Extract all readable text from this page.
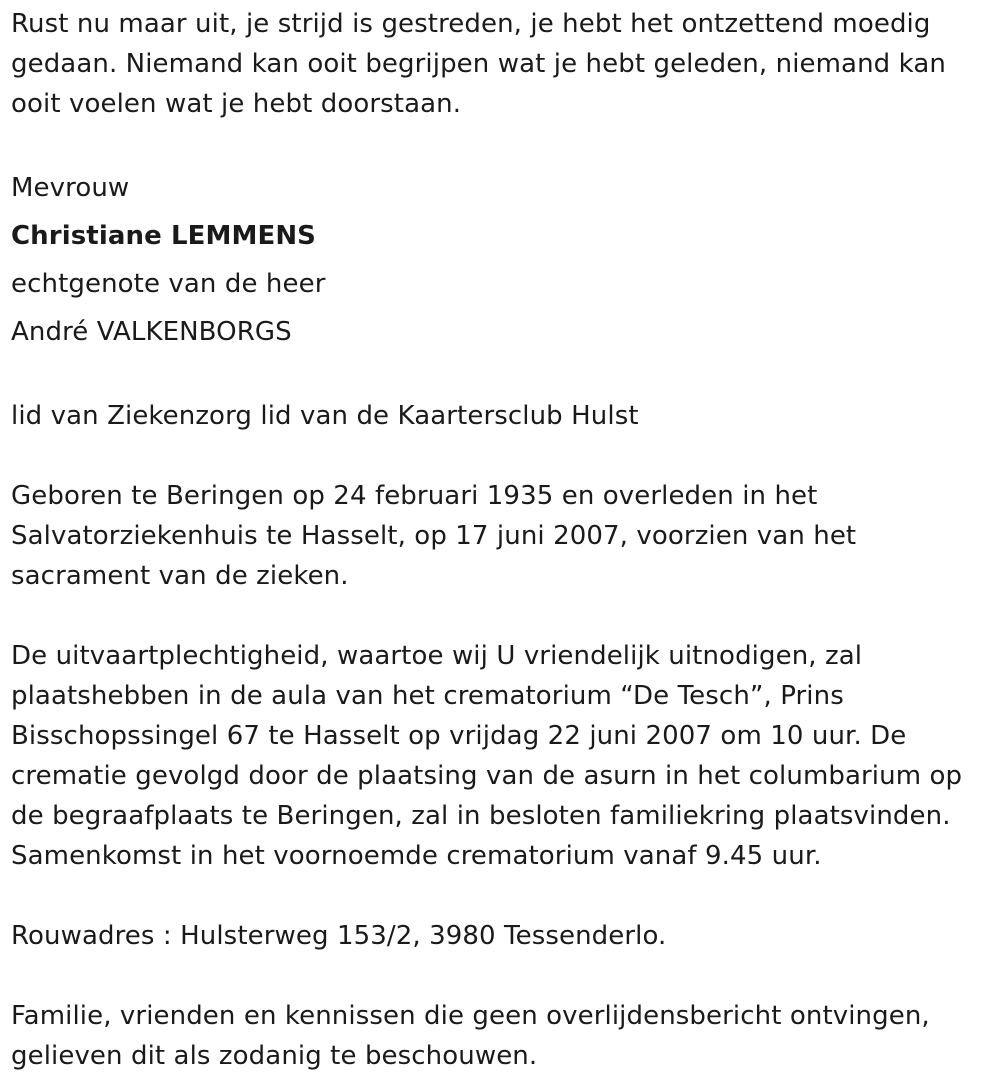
Rust nu maar uit, je strijd is gestreden, je hebt het ontzettend moedig gedaan. Niemand kan ooit begrijpen wat je hebt geleden, niemand kan ooit voelen wat je hebt doorstaan.

Mevrouw
Christiane LEMMENS
echtgenote van de heer
André VALKENBORGS

lid van Ziekenzorg lid van de Kaartersclub Hulst

Geboren te Beringen op 24 februari 1935 en overleden in het Salvatorziekenhuis te Hasselt, op 17 juni 2007, voorzien van het sacrament van de zieken.

De uitvaartplechtigheid, waartoe wij U vriendelijk uitnodigen, zal plaatshebben in de aula van het crematorium “De Tesch”, Prins Bisschopssingel 67 te Hasselt op vrijdag 22 juni 2007 om 10 uur. De crematie gevolgd door de plaatsing van de asurn in het columbarium op de begraafplaats te Beringen, zal in besloten familiekring plaatsvinden. Samenkomst in het voornoemde crematorium vanaf 9.45 uur.

Rouwadres : Hulsterweg 153/2, 3980 Tessenderlo.

Familie, vrienden en kennissen die geen overlijdensbericht ontvingen, gelieven dit als zodanig te beschouwen.
